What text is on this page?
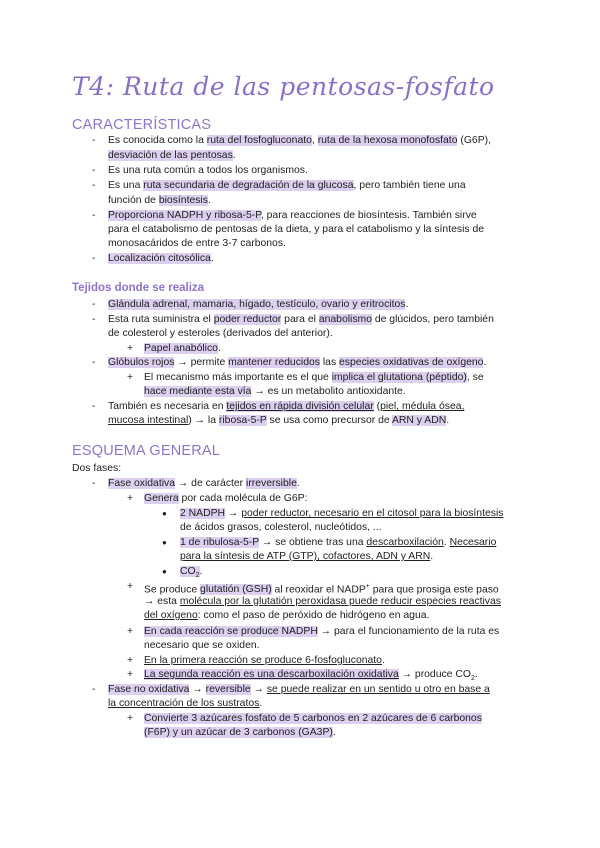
T4: Ruta de las pentosas-fosfato
CARACTERÍSTICAS
- Es conocida como la ruta del fosfogluconato, ruta de la hexosa monofosfato (G6P),
desviación de las pentosas.
- Es una ruta común a todos los organismos.
- Es una ruta secundaria de degradación de la glucosa, pero también tiene una
función de biosíntesis.
- Proporciona NADPH y ribosa-5-P, para reacciones de biosíntesis. También sirve
para el catabolismo de pentosas de la dieta, y para el catabolismo y la síntesis de
monosacáridos de entre 3-7 carbonos.
- Localización citosólica.
Tejidos donde se realiza
- Glándula adrenal, mamaria, hígado, testículo, ovario y eritrocitos.
- Esta ruta suministra el poder reductor para el anabolismo de glúcidos, pero también
de colesterol y esteroles (derivados del anterior).
+ Papel anabólico.
- Glóbulos rojos → permite mantener reducidos las especies oxidativas de oxígeno.
+ El mecanismo más importante es el que implica el glutationa (péptido), se
hace mediante esta vía → es un metabolito antioxidante.
- También es necesaria en tejidos en rápida división celular (piel, médula ósea,
mucosa intestinal) → la ribosa-5-P se usa como precursor de ARN y ADN.
ESQUEMA GENERAL
Dos fases:
- Fase oxidativa → de carácter irreversible.
+ Genera por cada molécula de G6P:
● 2 NADPH → poder reductor, necesario en el citosol para la biosíntesis
de ácidos grasos, colesterol, nucleótidos, ...
● 1 de ribulosa-5-P → se obtiene tras una descarboxilación. Necesario
para la síntesis de ATP (GTP), cofactores, ADN y ARN.
● $CO_2$.
+ Se produce glutatión (GSH) al reoxidar el NADP+ para que prosiga este paso
→ esta molécula por la glutatión peroxidasa puede reducir especies reactivas
del oxígeno: como el paso de peróxido de hidrógeno en agua.
+ En cada reacción se produce NADPH → para el funcionamiento de la ruta es
necesario que se oxiden.
+ En la primera reacción se produce 6-fosfogluconato.
+ La segunda reacción es una descarboxilación oxidativa → produce $CO_2$.
- Fase no oxidativa → reversible → se puede realizar en un sentido u otro en base a
la concentración de los sustratos.
+ Convierte 3 azúcares fosfato de 5 carbonos en 2 azúcares de 6 carbonos
(F6P) y un azúcar de 3 carbonos (GA3P).
